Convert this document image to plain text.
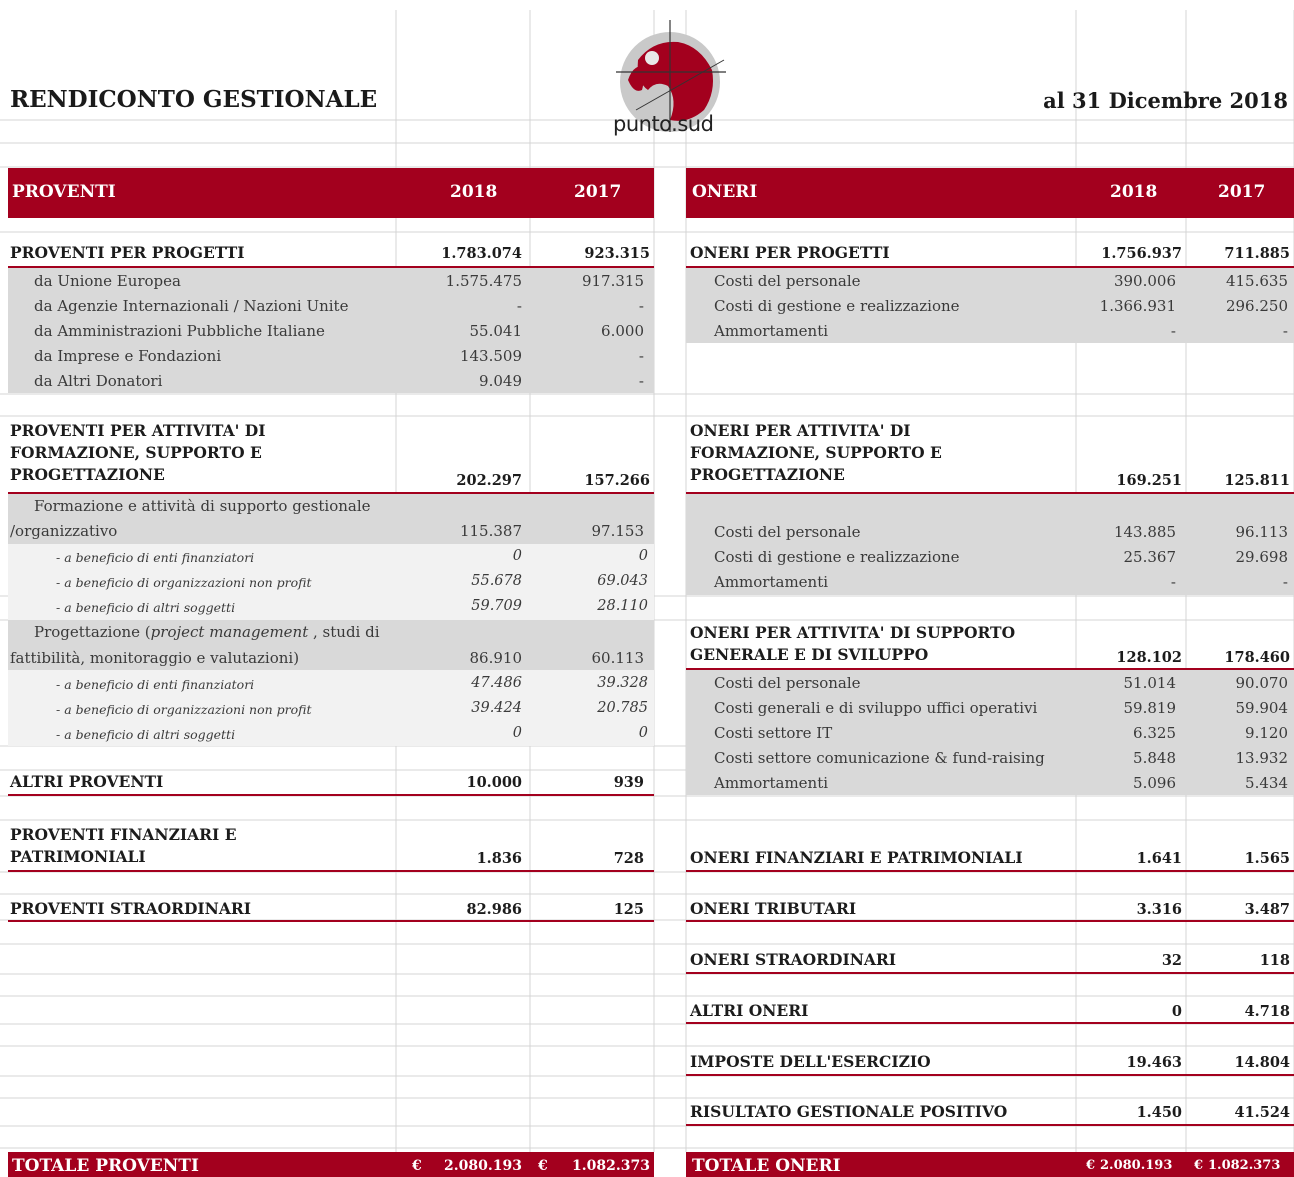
RENDICONTO GESTIONALE	al 31 Dicembre 2018
punto.sud
PROVENTI	2018	2017
PROVENTI PER PROGETTI	1.783.074	923.315
da Unione Europea	1.575.475	917.315
da Agenzie Internazionali / Nazioni Unite	-	-
da Amministrazioni Pubbliche Italiane	55.041	6.000
da Imprese e Fondazioni	143.509	-
da Altri Donatori	9.049	-
PROVENTI PER ATTIVITA' DI
FORMAZIONE, SUPPORTO E
PROGETTAZIONE	202.297	157.266
Formazione e attività di supporto gestionale
/organizzativo	115.387	97.153
- a beneficio di enti finanziatori	0	0
- a beneficio di organizzazioni non profit	55.678	69.043
- a beneficio di altri soggetti	59.709	28.110
Progettazione (project management , studi di
fattibilità, monitoraggio e valutazioni)	86.910	60.113
- a beneficio di enti finanziatori	47.486	39.328
- a beneficio di organizzazioni non profit	39.424	20.785
- a beneficio di altri soggetti	0	0
ALTRI PROVENTI	10.000	939
PROVENTI FINANZIARI E
PATRIMONIALI	1.836	728
PROVENTI STRAORDINARI	82.986	125
TOTALE PROVENTI	€ 2.080.193 € 1.082.373
ONERI	2018	2017
ONERI PER PROGETTI	1.756.937	711.885
Costi del personale	390.006	415.635
Costi di gestione e realizzazione	1.366.931	296.250
Ammortamenti	-	-
ONERI PER ATTIVITA' DI
FORMAZIONE, SUPPORTO E
PROGETTAZIONE	169.251	125.811
Costi del personale	143.885	96.113
Costi di gestione e realizzazione	25.367	29.698
Ammortamenti	-	-
ONERI PER ATTIVITA' DI SUPPORTO
GENERALE E DI SVILUPPO	128.102	178.460
Costi del personale	51.014	90.070
Costi generali e di sviluppo uffici operativi	59.819	59.904
Costi settore IT	6.325	9.120
Costi settore comunicazione & fund-raising	5.848	13.932
Ammortamenti	5.096	5.434
ONERI FINANZIARI E PATRIMONIALI	1.641	1.565
ONERI TRIBUTARI	3.316	3.487
ONERI STRAORDINARI	32	118
ALTRI ONERI	0	4.718
IMPOSTE DELL'ESERCIZIO	19.463	14.804
RISULTATO GESTIONALE POSITIVO	1.450	41.524
TOTALE ONERI	€ 2.080.193 € 1.082.373
